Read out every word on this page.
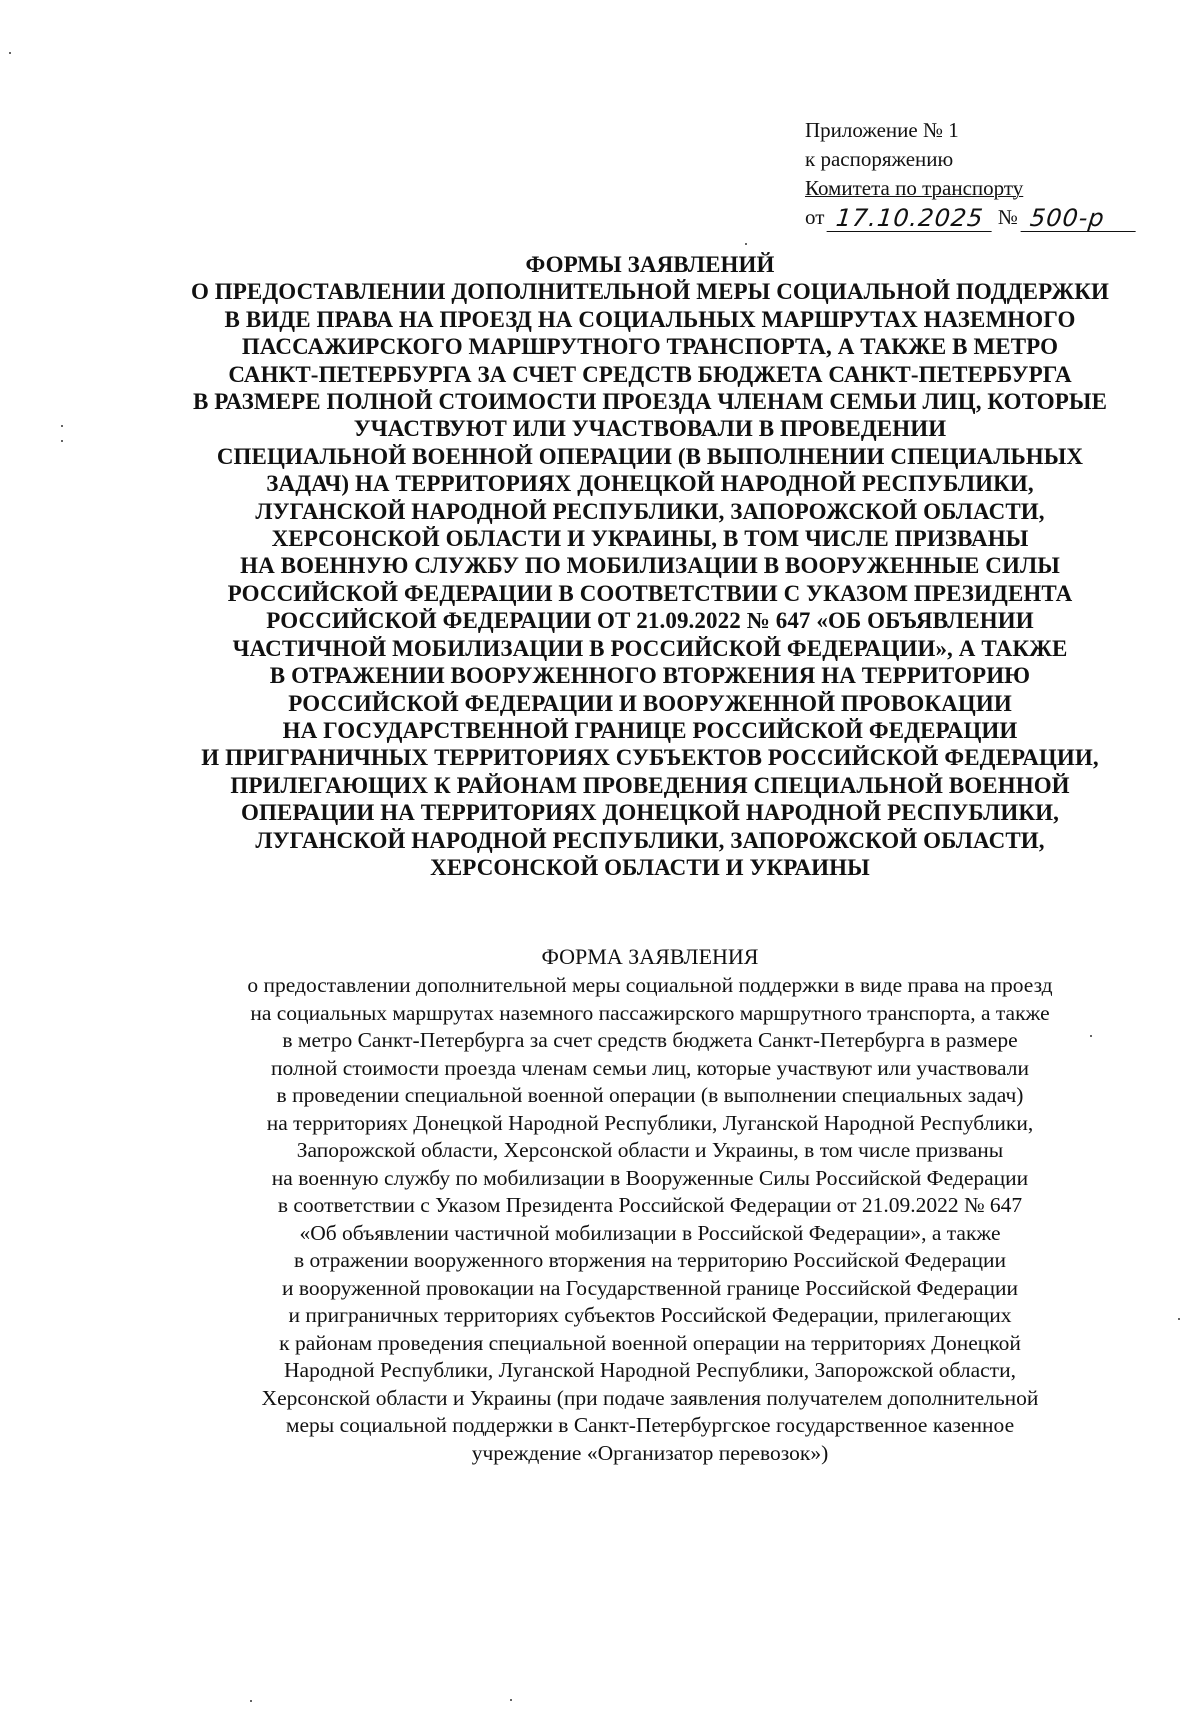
Приложение № 1
к распоряжению
Комитета по транспорту
от 17.10.2025 № 500-р
ФОРМЫ ЗАЯВЛЕНИЙ
О ПРЕДОСТАВЛЕНИИ ДОПОЛНИТЕЛЬНОЙ МЕРЫ СОЦИАЛЬНОЙ ПОДДЕРЖКИ
В ВИДЕ ПРАВА НА ПРОЕЗД НА СОЦИАЛЬНЫХ МАРШРУТАХ НАЗЕМНОГО
ПАССАЖИРСКОГО МАРШРУТНОГО ТРАНСПОРТА, А ТАКЖЕ В МЕТРО
САНКТ-ПЕТЕРБУРГА ЗА СЧЕТ СРЕДСТВ БЮДЖЕТА САНКТ-ПЕТЕРБУРГА
В РАЗМЕРЕ ПОЛНОЙ СТОИМОСТИ ПРОЕЗДА ЧЛЕНАМ СЕМЬИ ЛИЦ, КОТОРЫЕ
УЧАСТВУЮТ ИЛИ УЧАСТВОВАЛИ В ПРОВЕДЕНИИ
СПЕЦИАЛЬНОЙ ВОЕННОЙ ОПЕРАЦИИ (В ВЫПОЛНЕНИИ СПЕЦИАЛЬНЫХ
ЗАДАЧ) НА ТЕРРИТОРИЯХ ДОНЕЦКОЙ НАРОДНОЙ РЕСПУБЛИКИ,
ЛУГАНСКОЙ НАРОДНОЙ РЕСПУБЛИКИ, ЗАПОРОЖСКОЙ ОБЛАСТИ,
ХЕРСОНСКОЙ ОБЛАСТИ И УКРАИНЫ, В ТОМ ЧИСЛЕ ПРИЗВАНЫ
НА ВОЕННУЮ СЛУЖБУ ПО МОБИЛИЗАЦИИ В ВООРУЖЕННЫЕ СИЛЫ
РОССИЙСКОЙ ФЕДЕРАЦИИ В СООТВЕТСТВИИ С УКАЗОМ ПРЕЗИДЕНТА
РОССИЙСКОЙ ФЕДЕРАЦИИ ОТ 21.09.2022 № 647 «ОБ ОБЪЯВЛЕНИИ
ЧАСТИЧНОЙ МОБИЛИЗАЦИИ В РОССИЙСКОЙ ФЕДЕРАЦИИ», А ТАКЖЕ
В ОТРАЖЕНИИ ВООРУЖЕННОГО ВТОРЖЕНИЯ НА ТЕРРИТОРИЮ
РОССИЙСКОЙ ФЕДЕРАЦИИ И ВООРУЖЕННОЙ ПРОВОКАЦИИ
НА ГОСУДАРСТВЕННОЙ ГРАНИЦЕ РОССИЙСКОЙ ФЕДЕРАЦИИ
И ПРИГРАНИЧНЫХ ТЕРРИТОРИЯХ СУБЪЕКТОВ РОССИЙСКОЙ ФЕДЕРАЦИИ,
ПРИЛЕГАЮЩИХ К РАЙОНАМ ПРОВЕДЕНИЯ СПЕЦИАЛЬНОЙ ВОЕННОЙ
ОПЕРАЦИИ НА ТЕРРИТОРИЯХ ДОНЕЦКОЙ НАРОДНОЙ РЕСПУБЛИКИ,
ЛУГАНСКОЙ НАРОДНОЙ РЕСПУБЛИКИ, ЗАПОРОЖСКОЙ ОБЛАСТИ,
ХЕРСОНСКОЙ ОБЛАСТИ И УКРАИНЫ
ФОРМА ЗАЯВЛЕНИЯ
о предоставлении дополнительной меры социальной поддержки в виде права на проезд
на социальных маршрутах наземного пассажирского маршрутного транспорта, а также
в метро Санкт-Петербурга за счет средств бюджета Санкт-Петербурга в размере
полной стоимости проезда членам семьи лиц, которые участвуют или участвовали
в проведении специальной военной операции (в выполнении специальных задач)
на территориях Донецкой Народной Республики, Луганской Народной Республики,
Запорожской области, Херсонской области и Украины, в том числе призваны
на военную службу по мобилизации в Вооруженные Силы Российской Федерации
в соответствии с Указом Президента Российской Федерации от 21.09.2022 № 647
«Об объявлении частичной мобилизации в Российской Федерации», а также
в отражении вооруженного вторжения на территорию Российской Федерации
и вооруженной провокации на Государственной границе Российской Федерации
и приграничных территориях субъектов Российской Федерации, прилегающих
к районам проведения специальной военной операции на территориях Донецкой
Народной Республики, Луганской Народной Республики, Запорожской области,
Херсонской области и Украины (при подаче заявления получателем дополнительной
меры социальной поддержки в Санкт-Петербургское государственное казенное
учреждение «Организатор перевозок»)
